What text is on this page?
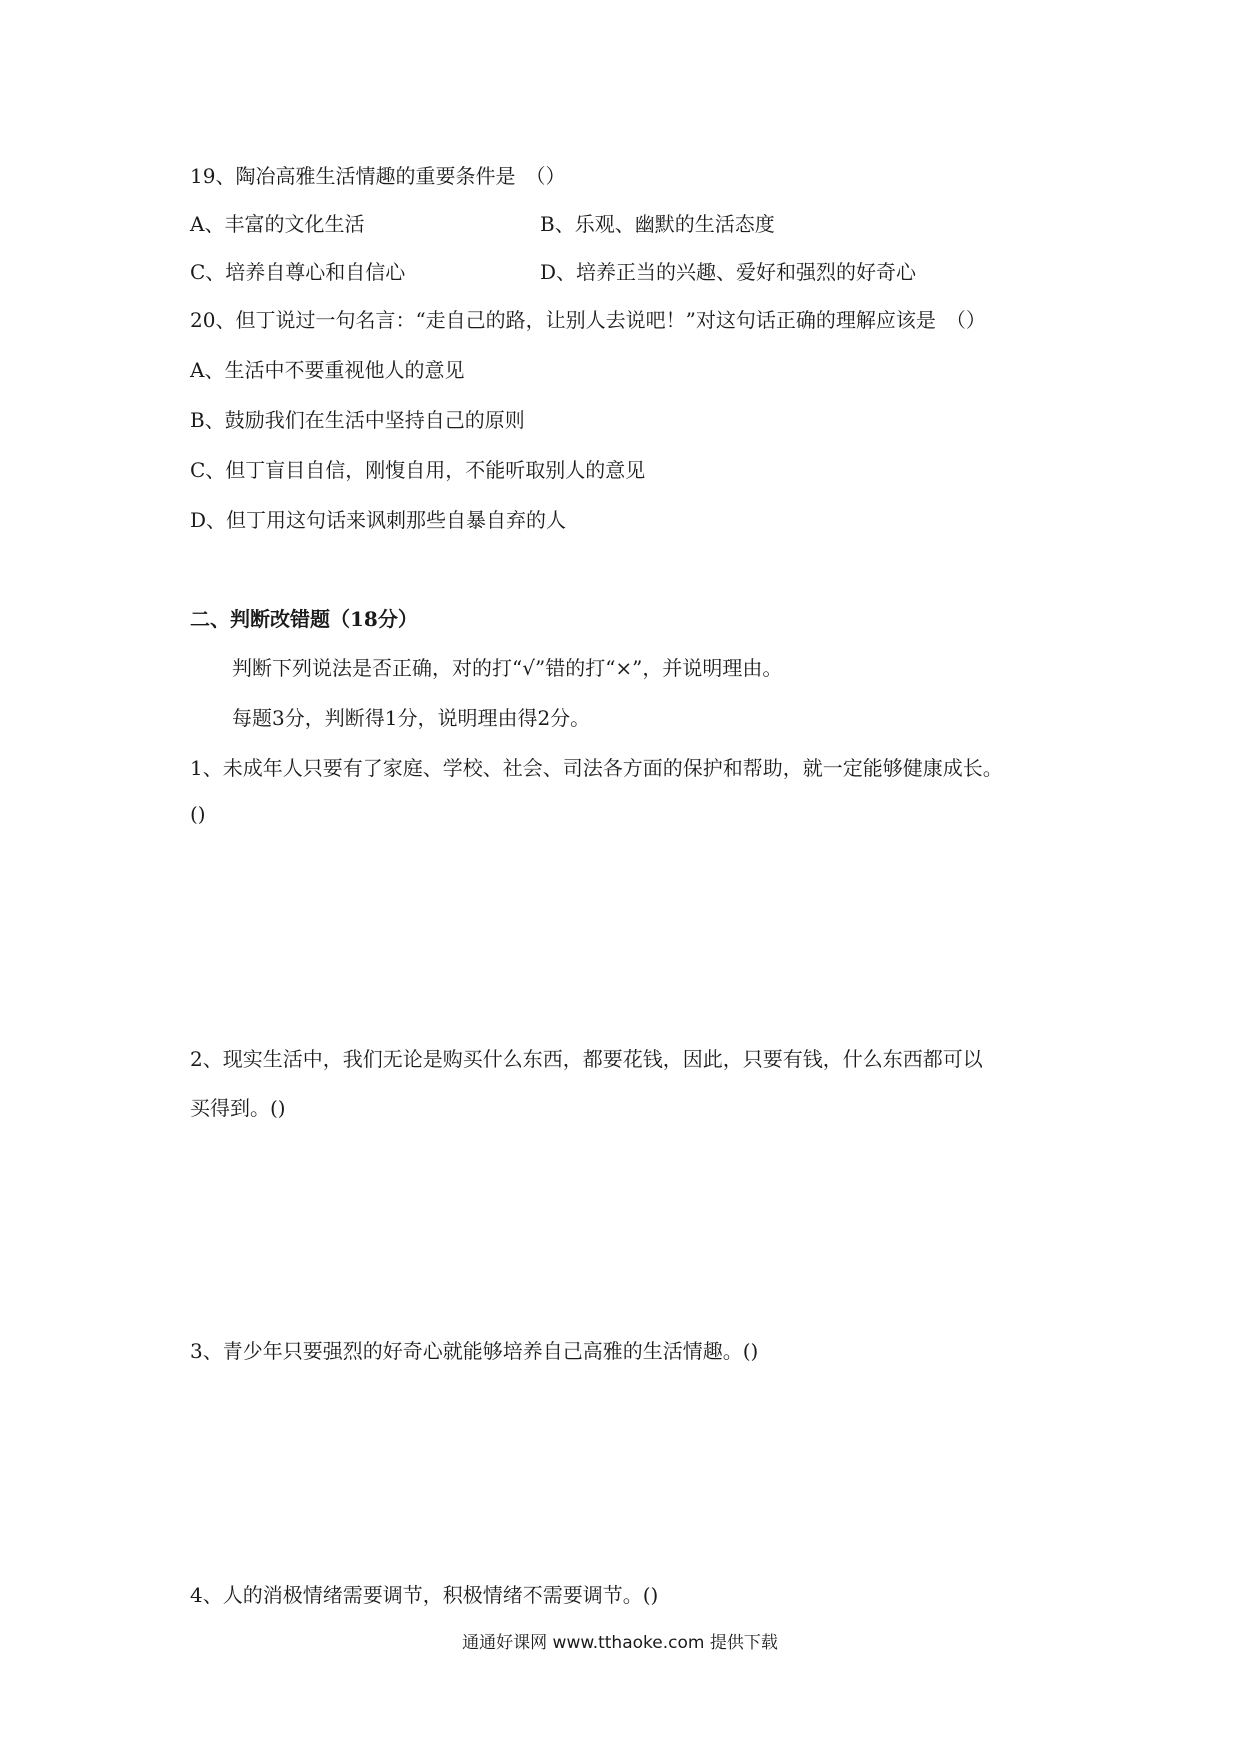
19、陶冶高雅生活情趣的重要条件是　（）
A、丰富的文化生活	B、乐观、幽默的生活态度
C、培养自尊心和自信心	D、培养正当的兴趣、爱好和强烈的好奇心
20、但丁说过一句名言：“走自己的路，让别人去说吧！”对这句话正确的理解应该是　（）
A、生活中不要重视他人的意见
B、鼓励我们在生活中坚持自己的原则
C、但丁盲目自信，刚愎自用，不能听取别人的意见
D、但丁用这句话来讽刺那些自暴自弃的人
二、判断改错题（18分）
判断下列说法是否正确，对的打“√”错的打“×”，并说明理由。
每题3分，判断得1分，说明理由得2分。
1、未成年人只要有了家庭、学校、社会、司法各方面的保护和帮助，就一定能够健康成长。
()
2、现实生活中，我们无论是购买什么东西，都要花钱，因此，只要有钱，什么东西都可以
买得到。()
3、青少年只要强烈的好奇心就能够培养自己高雅的生活情趣。()
4、人的消极情绪需要调节，积极情绪不需要调节。()
通通好课网 www.tthaoke.com 提供下载
